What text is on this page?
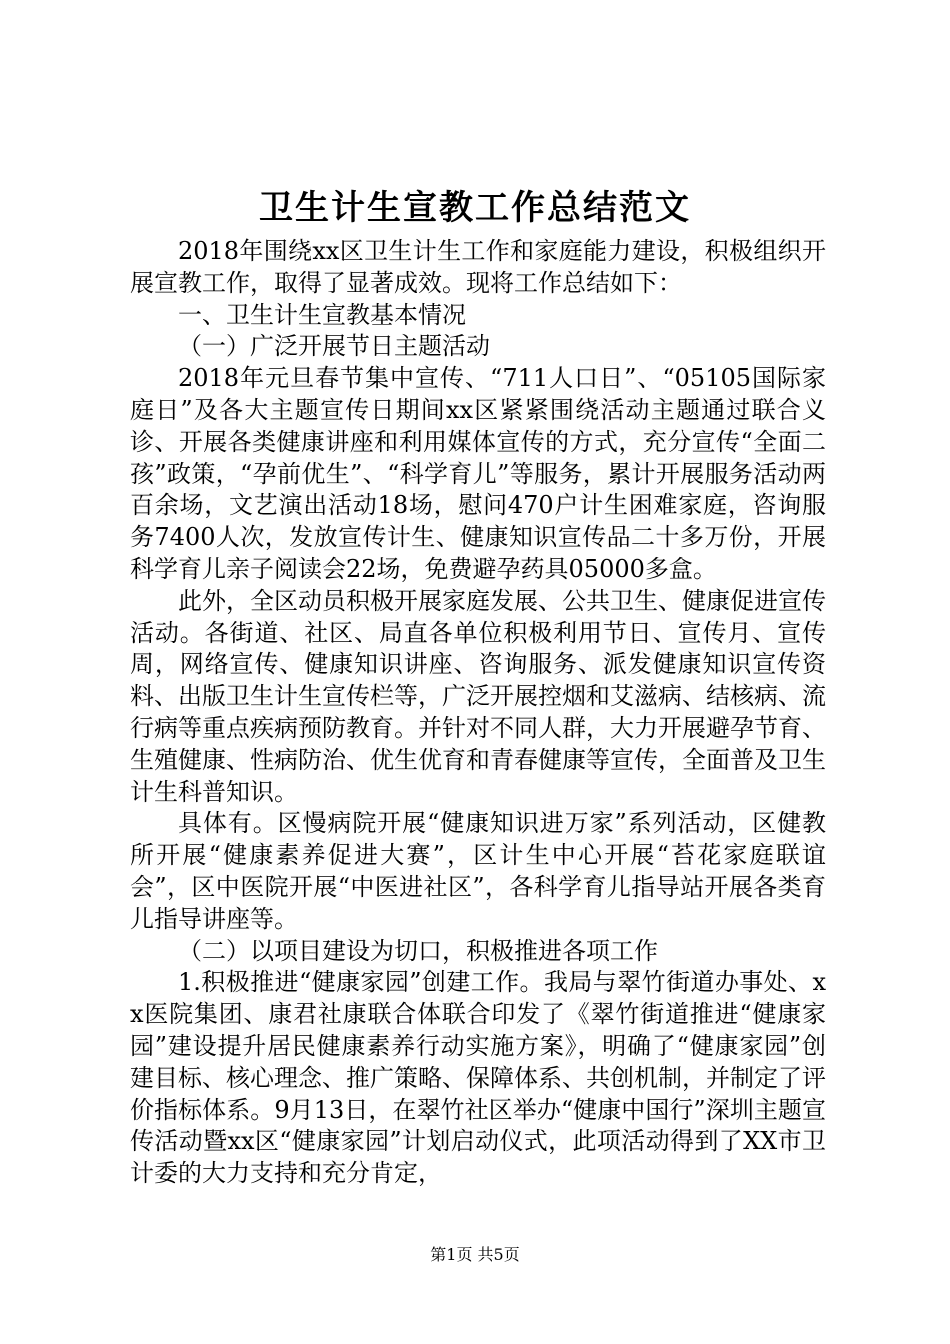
卫生计生宣教工作总结范文

2018年围绕xx区卫生计生工作和家庭能力建设，积极组织开展宣教工作，取得了显著成效。现将工作总结如下：

一、卫生计生宣教基本情况

（一）广泛开展节日主题活动

2018年元旦春节集中宣传、“711人口日”、“05105国际家庭日”及各大主题宣传日期间xx区紧紧围绕活动主题通过联合义诊、开展各类健康讲座和利用媒体宣传的方式，充分宣传“全面二孩”政策，“孕前优生”、“科学育儿”等服务，累计开展服务活动两百余场，文艺演出活动18场，慰问470户计生困难家庭，咨询服务7400人次，发放宣传计生、健康知识宣传品二十多万份，开展科学育儿亲子阅读会22场，免费避孕药具05000多盒。

此外，全区动员积极开展家庭发展、公共卫生、健康促进宣传活动。各街道、社区、局直各单位积极利用节日、宣传月、宣传周，网络宣传、健康知识讲座、咨询服务、派发健康知识宣传资料、出版卫生计生宣传栏等，广泛开展控烟和艾滋病、结核病、流行病等重点疾病预防教育。并针对不同人群，大力开展避孕节育、生殖健康、性病防治、优生优育和青春健康等宣传，全面普及卫生计生科普知识。

具体有。区慢病院开展“健康知识进万家”系列活动，区健教所开展“健康素养促进大赛”，区计生中心开展“苔花家庭联谊会”，区中医院开展“中医进社区”，各科学育儿指导站开展各类育儿指导讲座等。

（二）以项目建设为切口，积极推进各项工作

1.积极推进“健康家园”创建工作。我局与翠竹街道办事处、xx医院集团、康君社康联合体联合印发了《翠竹街道推进“健康家园”建设提升居民健康素养行动实施方案》，明确了“健康家园”创建目标、核心理念、推广策略、保障体系、共创机制，并制定了评价指标体系。9月13日，在翠竹社区举办“健康中国行”深圳主题宣传活动暨xx区“健康家园”计划启动仪式，此项活动得到了XX市卫计委的大力支持和充分肯定，

第1页 共5页
